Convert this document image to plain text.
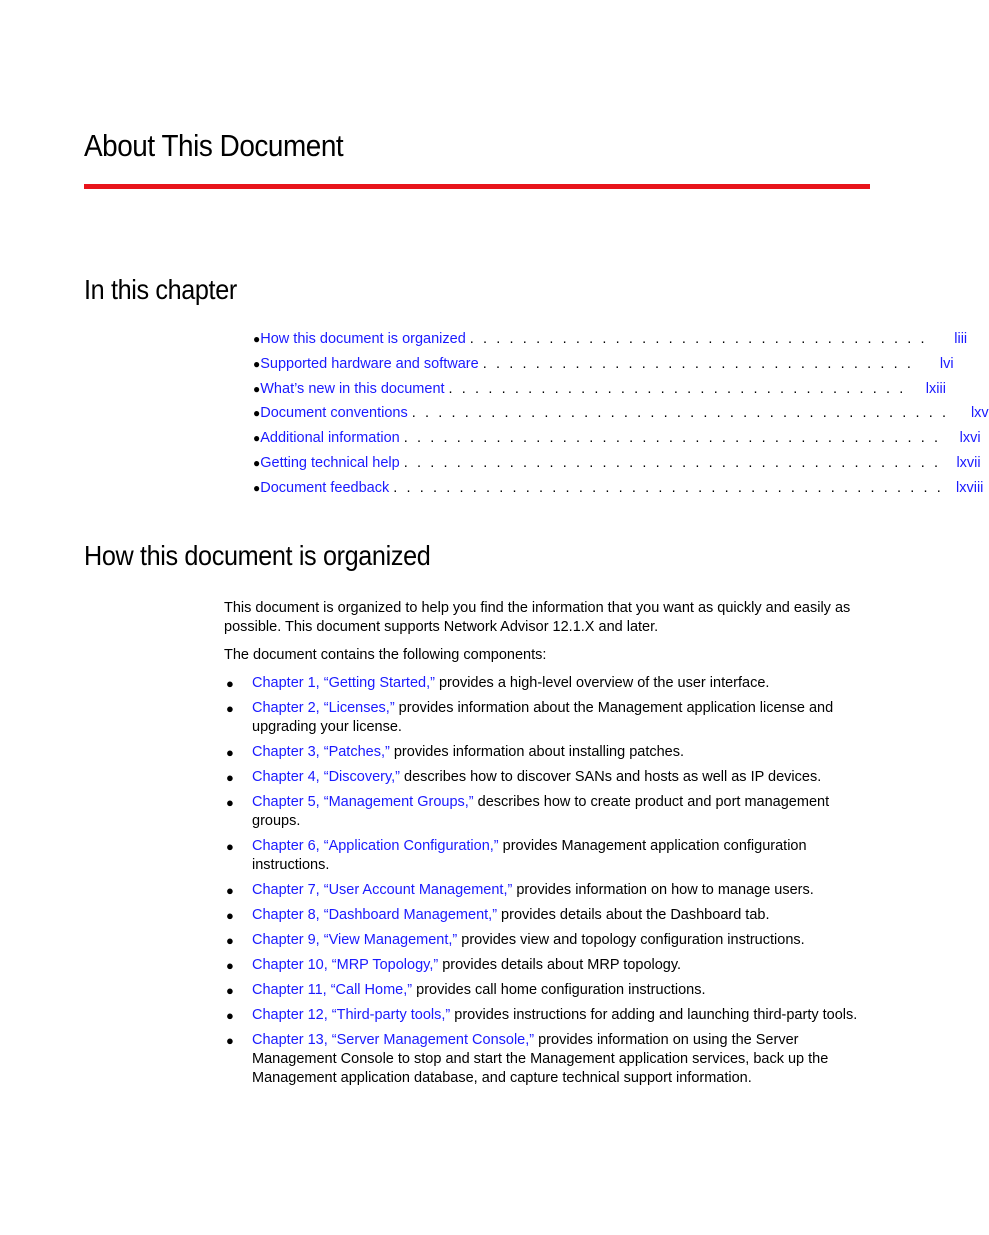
About This Document
In this chapter
● How this document is organized . . . . . . . . . . . . . . . . . . . . . . . . . . . . . . . . . . .	liii
● Supported hardware and software . . . . . . . . . . . . . . . . . . . . . . . . . . . . . . . . .	lvi
● What’s new in this document . . . . . . . . . . . . . . . . . . . . . . . . . . . . . . . . . . .	lxiii
● Document conventions . . . . . . . . . . . . . . . . . . . . . . . . . . . . . . . . . . . . . . . . .	lxv
● Additional information . . . . . . . . . . . . . . . . . . . . . . . . . . . . . . . . . . . . . . . . .	lxvi
● Getting technical help . . . . . . . . . . . . . . . . . . . . . . . . . . . . . . . . . . . . . . . . .	lxvii
● Document feedback . . . . . . . . . . . . . . . . . . . . . . . . . . . . . . . . . . . . . . . . . . lxviii
How this document is organized

This document is organized to help you find the information that you want as quickly and easily as possible. This document supports Network Advisor 12.1.X and later.

The document contains the following components:

● Chapter 1, “Getting Started,” provides a high-level overview of the user interface.
● Chapter 2, “Licenses,” provides information about the Management application license and upgrading your license.
● Chapter 3, “Patches,” provides information about installing patches.
● Chapter 4, “Discovery,” describes how to discover SANs and hosts as well as IP devices.
● Chapter 5, “Management Groups,” describes how to create product and port management groups.
● Chapter 6, “Application Configuration,” provides Management application configuration instructions.
● Chapter 7, “User Account Management,” provides information on how to manage users.
● Chapter 8, “Dashboard Management,” provides details about the Dashboard tab.
● Chapter 9, “View Management,” provides view and topology configuration instructions.
● Chapter 10, “MRP Topology,” provides details about MRP topology.
● Chapter 11, “Call Home,” provides call home configuration instructions.
● Chapter 12, “Third-party tools,” provides instructions for adding and launching third-party tools.
● Chapter 13, “Server Management Console,” provides information on using the Server Management Console to stop and start the Management application services, back up the Management application database, and capture technical support information.
